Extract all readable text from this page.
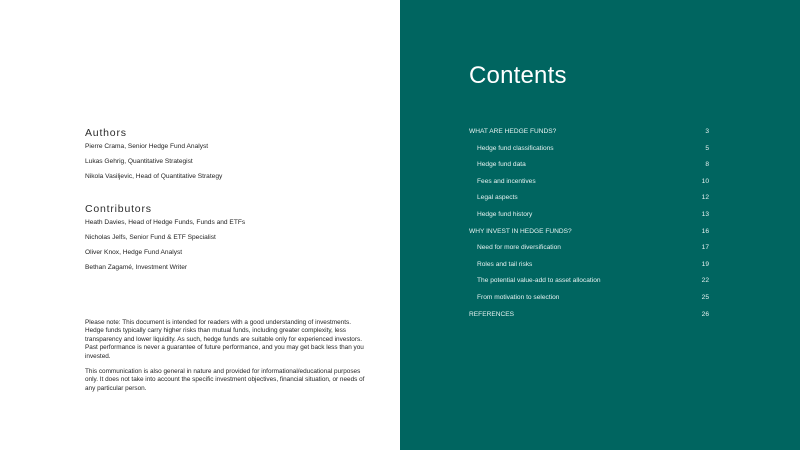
Authors
Pierre Crama, Senior Hedge Fund Analyst
Lukas Gehrig, Quantitative Strategist
Nikola Vasiljevic, Head of Quantitative Strategy
Contributors
Heath Davies, Head of Hedge Funds, Funds and ETFs
Nicholas Jelfs, Senior Fund & ETF Specialist
Oliver Knox, Hedge Fund Analyst
Bethan Zagamé, Investment Writer

Please note: This document is intended for readers with a good understanding of investments. Hedge funds typically carry higher risks than mutual funds, including greater complexity, less transparency and lower liquidity. As such, hedge funds are suitable only for experienced investors. Past performance is never a guarantee of future performance, and you may get back less than you invested.

This communication is also general in nature and provided for informational/educational purposes only. It does not take into account the specific investment objectives, financial situation, or needs of any particular person.

Contents
WHAT ARE HEDGE FUNDS?	3
Hedge fund classifications	5
Hedge fund data	8
Fees and incentives	10
Legal aspects	12
Hedge fund history	13
WHY INVEST IN HEDGE FUNDS?	16
Need for more diversification	17
Roles and tail risks	19
The potential value-add to asset allocation	22
From motivation to selection	25
REFERENCES	26
